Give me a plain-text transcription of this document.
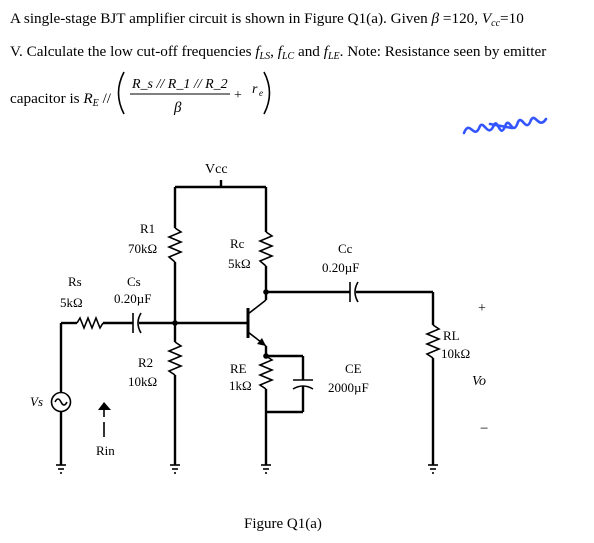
A single-stage BJT amplifier circuit is shown in Figure Q1(a). Given β =120, $V_{cc}=10$
V. Calculate the low cut-off frequencies $f_{LS}$, $f_{LC}$ and $f_{LE}$. Note: Resistance seen by emitter
capacitor is $R_E$ //
R_s // R_1 // R_2
β
+ r e
Vcc
R1
70kΩ	Rc
5kΩ
Cc
0.20µF
RL
10kΩ
+
Vo
−
Rs
5kΩ
Cs
0.20µF
R2
10kΩ
RE
1kΩ
CE
2000µF
Vs
Rin
Figure Q1(a)
